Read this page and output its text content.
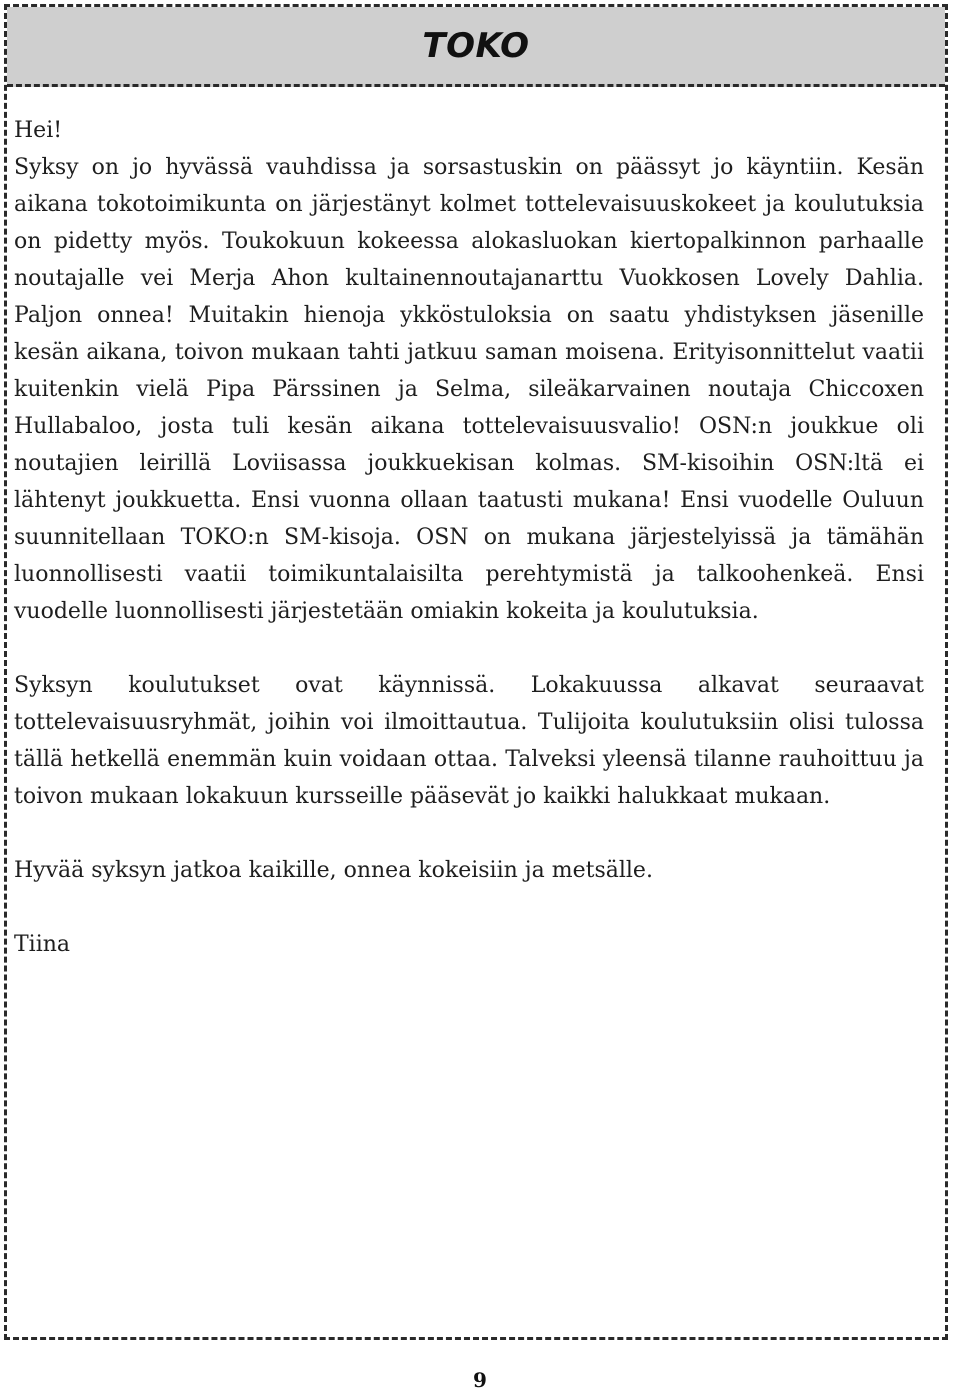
TOKO

Hei!

Syksy on jo hyvässä vauhdissa ja sorsastuskin on päässyt jo käyntiin. Kesän aikana tokotoimikunta on järjestänyt kolmet tottelevaisuuskokeet ja koulutuksia on pidetty myös. Toukokuun kokeessa alokasluokan kiertopalkinnon parhaalle noutajalle vei Merja Ahon kultainennoutajanarttu Vuokkosen Lovely Dahlia. Paljon onnea! Muitakin hienoja ykköstuloksia on saatu yhdistyksen jäsenille kesän aikana, toivon mukaan tahti jatkuu saman moisena. Erityisonnittelut vaatii kuitenkin vielä Pipa Pärssinen ja Selma, sileäkarvainen noutaja Chiccoxen Hullabaloo, josta tuli kesän aikana tottelevaisuusvalio! OSN:n joukkue oli noutajien leirillä Loviisassa joukkuekisan kolmas. SM-kisoihin OSN:ltä ei lähtenyt joukkuetta. Ensi vuonna ollaan taatusti mukana! Ensi vuodelle Ouluun suunnitellaan TOKO:n SM-kisoja. OSN on mukana järjestelyissä ja tämähän luonnollisesti vaatii toimikuntalaisilta perehtymistä ja talkoohenkeä. Ensi vuodelle luonnollisesti järjestetään omiakin kokeita ja koulutuksia.

Syksyn koulutukset ovat käynnissä. Lokakuussa alkavat seuraavat tottelevaisuusryhmät, joihin voi ilmoittautua. Tulijoita koulutuksiin olisi tulossa tällä hetkellä enemmän kuin voidaan ottaa. Talveksi yleensä tilanne rauhoittuu ja toivon mukaan lokakuun kursseille pääsevät jo kaikki halukkaat mukaan.

Hyvää syksyn jatkoa kaikille, onnea kokeisiin ja metsälle.

Tiina

9
